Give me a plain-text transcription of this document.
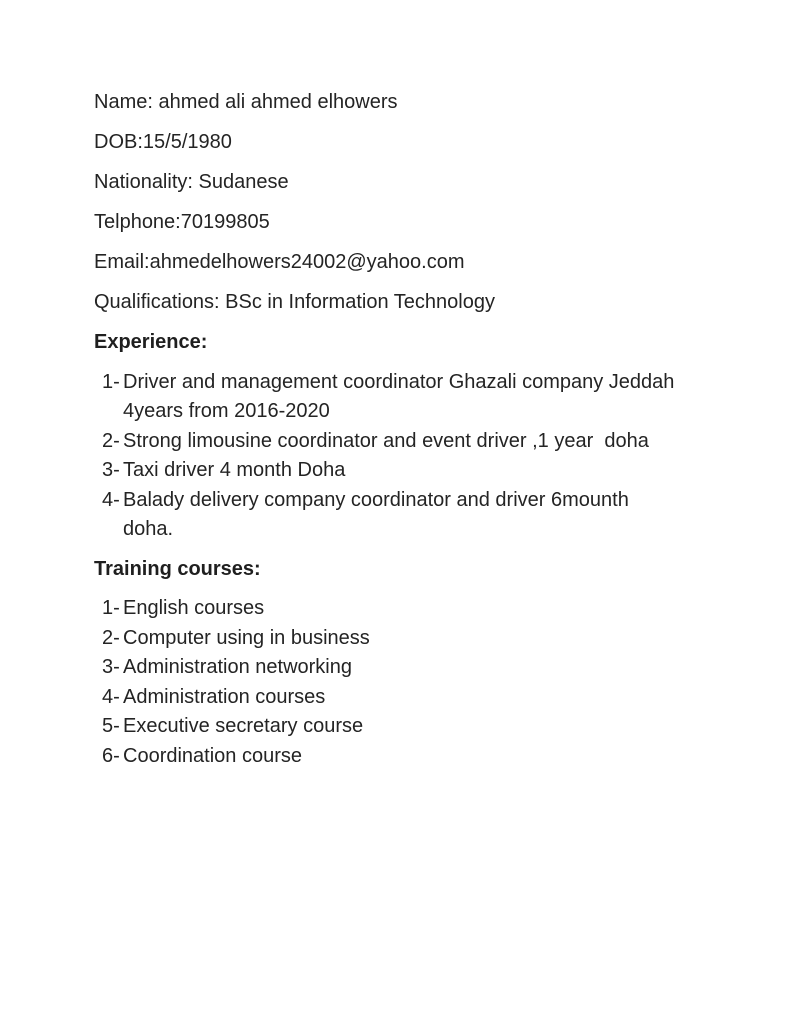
Name: ahmed ali ahmed elhowers

DOB:15/5/1980

Nationality: Sudanese

Telphone:70199805

Email:ahmedelhowers24002@yahoo.com

Qualifications: BSc in Information Technology

Experience:

1- Driver and management coordinator Ghazali company Jeddah 4years from 2016-2020
2- Strong limousine coordinator and event driver ,1 year  doha
3- Taxi driver 4 month Doha
4- Balady delivery company coordinator and driver 6mounth doha.

Training courses:

1- English courses
2- Computer using in business
3- Administration networking
4- Administration courses
5- Executive secretary course
6- Coordination course
